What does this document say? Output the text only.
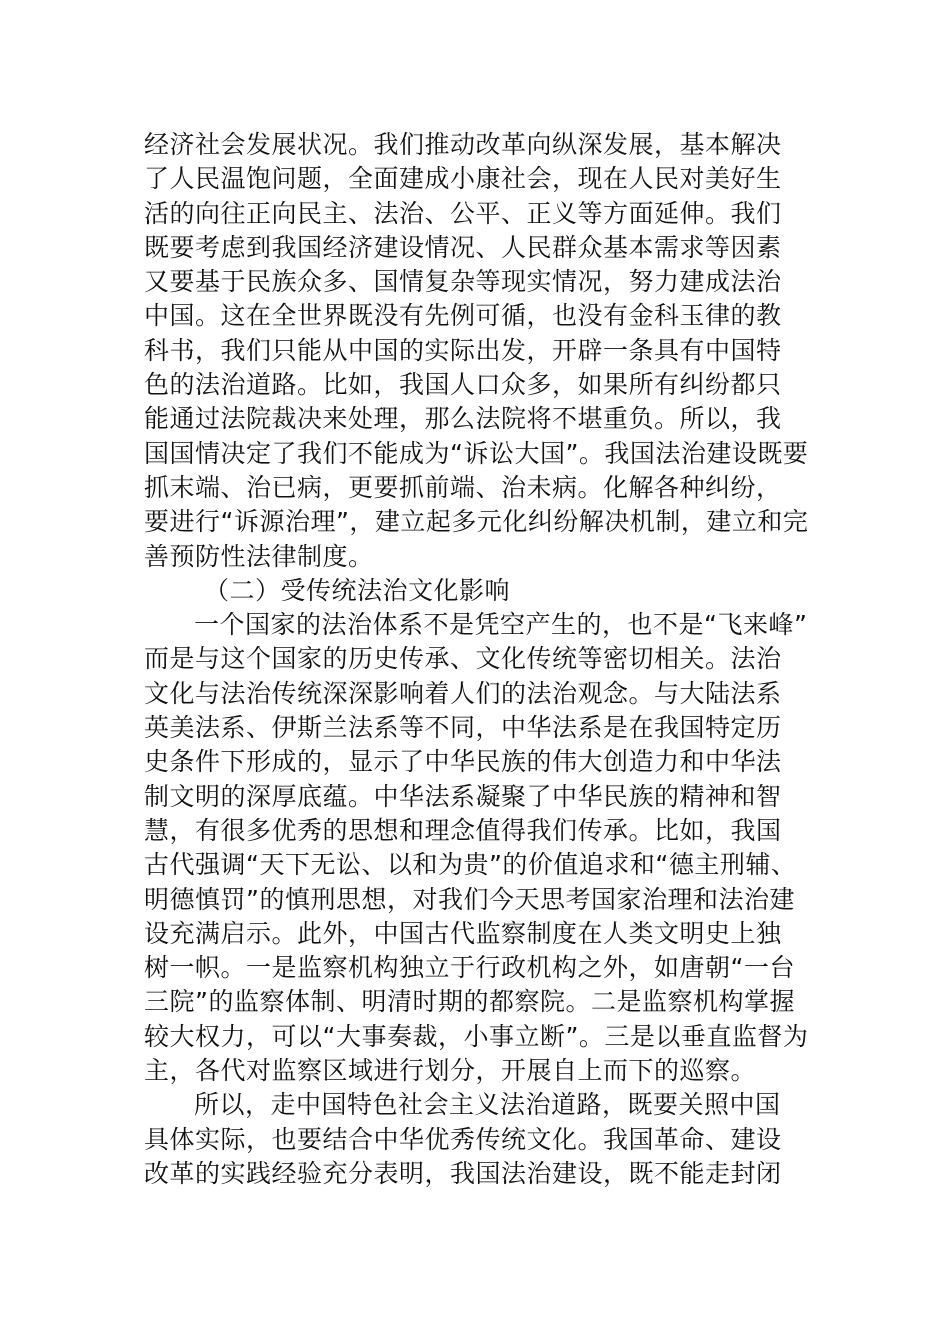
经济社会发展状况。我们推动改革向纵深发展，基本解决
了人民温饱问题，全面建成小康社会，现在人民对美好生
活的向往正向民主、法治、公平、正义等方面延伸。我们
既要考虑到我国经济建设情况、人民群众基本需求等因素
又要基于民族众多、国情复杂等现实情况，努力建成法治
中国。这在全世界既没有先例可循，也没有金科玉律的教
科书，我们只能从中国的实际出发，开辟一条具有中国特
色的法治道路。比如，我国人口众多，如果所有纠纷都只
能通过法院裁决来处理，那么法院将不堪重负。所以，我
国国情决定了我们不能成为“诉讼大国”。我国法治建设既要
抓末端、治已病，更要抓前端、治未病。化解各种纠纷，
要进行“诉源治理”，建立起多元化纠纷解决机制，建立和完
善预防性法律制度。
（二）受传统法治文化影响
一个国家的法治体系不是凭空产生的，也不是“飞来峰”
而是与这个国家的历史传承、文化传统等密切相关。法治
文化与法治传统深深影响着人们的法治观念。与大陆法系
英美法系、伊斯兰法系等不同，中华法系是在我国特定历
史条件下形成的，显示了中华民族的伟大创造力和中华法
制文明的深厚底蕴。中华法系凝聚了中华民族的精神和智
慧，有很多优秀的思想和理念值得我们传承。比如，我国
古代强调“天下无讼、以和为贵”的价值追求和“德主刑辅、
明德慎罚”的慎刑思想，对我们今天思考国家治理和法治建
设充满启示。此外，中国古代监察制度在人类文明史上独
树一帜。一是监察机构独立于行政机构之外，如唐朝“一台
三院”的监察体制、明清时期的都察院。二是监察机构掌握
较大权力，可以“大事奏裁，小事立断”。三是以垂直监督为
主，各代对监察区域进行划分，开展自上而下的巡察。
所以，走中国特色社会主义法治道路，既要关照中国
具体实际，也要结合中华优秀传统文化。我国革命、建设
改革的实践经验充分表明，我国法治建设，既不能走封闭
